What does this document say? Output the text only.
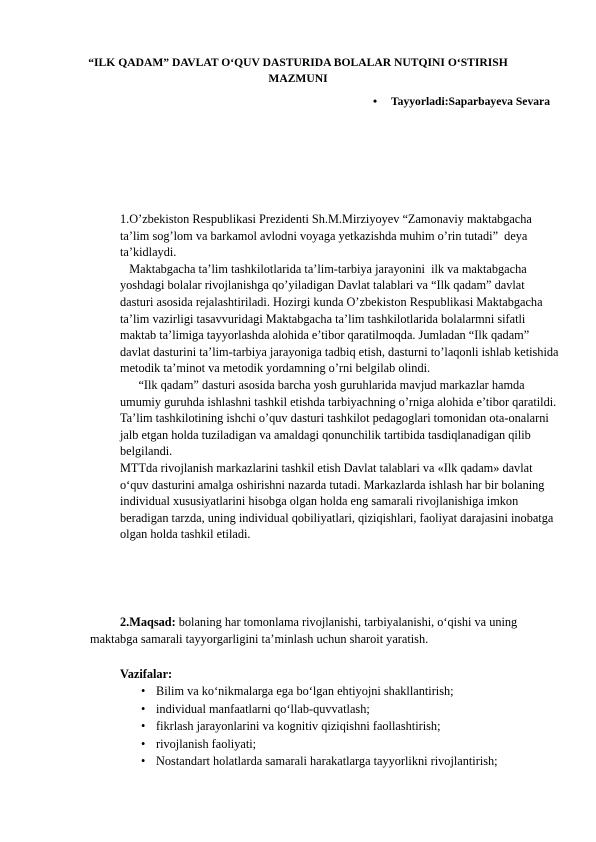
“ILK QADAM” DAVLAT O‘QUV DASTURIDA BOLALAR NUTQINI O‘STIRISH MAZMUNI
• Tayyorladi:Saparbayeva Sevara

1.O’zbekiston Respublikasi Prezidenti Sh.M.Mirziyoyev “Zamonaviy maktabgacha ta’lim sog’lom va barkamol avlodni voyaga yetkazishda muhim o’rin tutadi”  deya ta’kidlaydi.

Maktabgacha ta’lim tashkilotlarida ta’lim-tarbiya jarayonini  ilk va maktabgacha yoshdagi bolalar rivojlanishga qo’yiladigan Davlat talablari va “Ilk qadam” davlat dasturi asosida rejalashtiriladi. Hozirgi kunda O’zbekiston Respublikasi Maktabgacha ta’lim vazirligi tasavvuridagi Maktabgacha ta’lim tashkilotlarida bolalarmni sifatli maktab ta’limiga tayyorlashda alohida e’tibor qaratilmoqda. Jumladan “Ilk qadam” davlat dasturini ta’lim-tarbiya jarayoniga tadbiq etish, dasturni to’laqonli ishlab ketishida metodik ta’minot va metodik yordamning o’rni belgilab olindi.

“Ilk qadam” dasturi asosida barcha yosh guruhlarida mavjud markazlar hamda umumiy guruhda ishlashni tashkil etishda tarbiyachning o’rniga alohida e’tibor qaratildi.  Ta’lim tashkilotining ishchi o’quv dasturi tashkilot pedagoglari tomonidan ota-onalarni jalb etgan holda tuziladigan va amaldagi qonunchilik tartibida tasdiqlanadigan qilib belgilandi.

MTTda rivojlanish markazlarini tashkil etish Davlat talablari va «Ilk qadam» davlat o‘quv dasturini amalga oshirishni nazarda tutadi. Markazlarda ishlash har bir bolaning individual xususiyatlarini hisobga olgan holda eng samarali rivojlanishiga imkon beradigan tarzda, uning individual qobiliyatlari, qiziqishlari, faoliyat darajasini inobatga olgan holda tashkil etiladi.

2.Maqsad: bolaning har tomonlama rivojlanishi, tarbiyalanishi, o‘qishi va uning maktabga samarali tayyorgarligini ta’minlash uchun sharoit yaratish.

Vazifalar:
• Bilim va ko‘nikmalarga ega bo‘lgan ehtiyojni shakllantirish;
• individual manfaatlarni qo‘llab-quvvatlash;
• fikrlash jarayonlarini va kognitiv qiziqishni faollashtirish;
• rivojlanish faoliyati;
• Nostandart holatlarda samarali harakatlarga tayyorlikni rivojlantirish;
